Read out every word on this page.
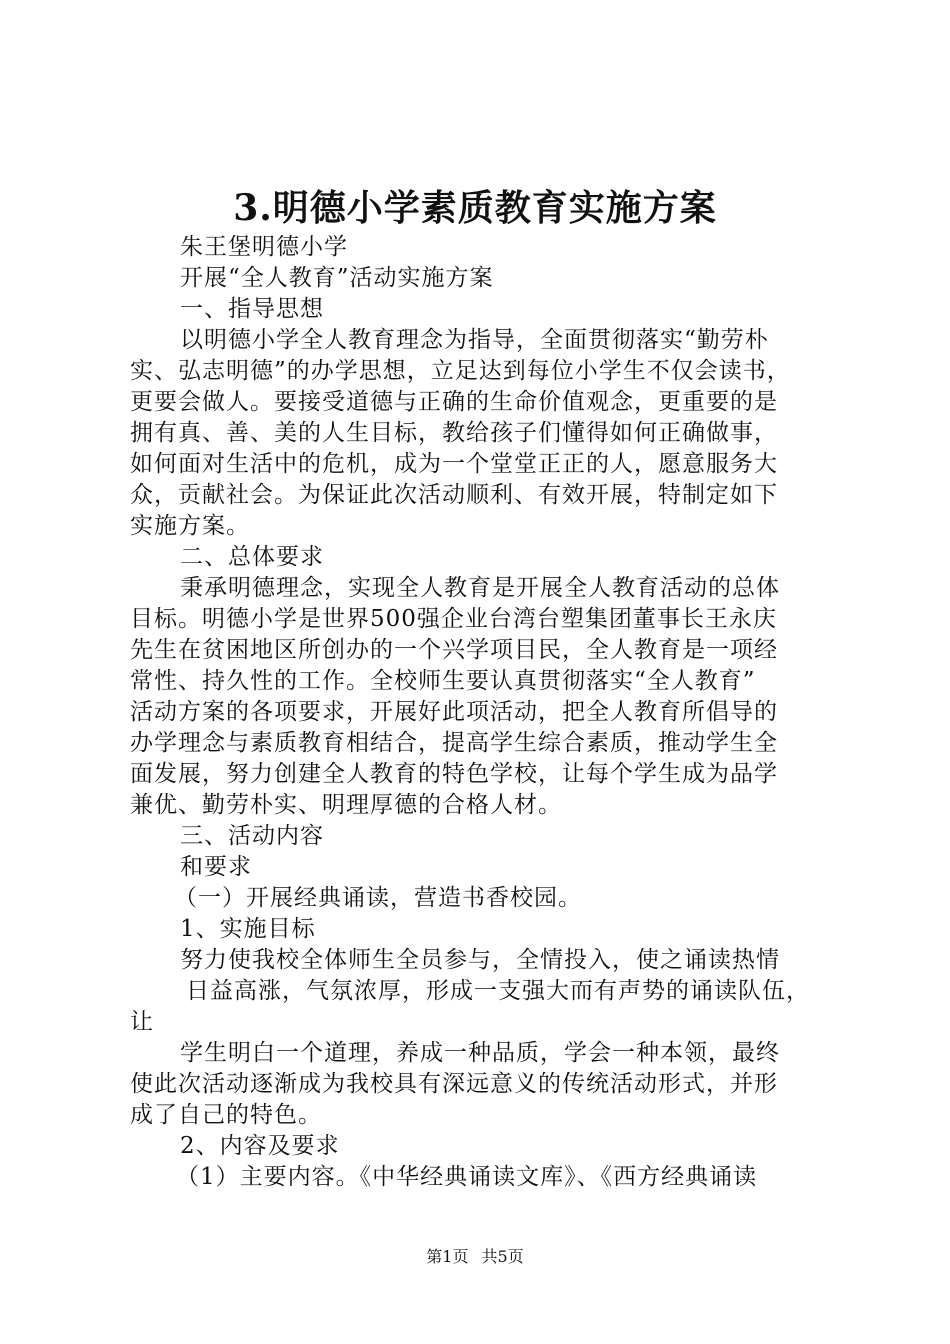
3.明德小学素质教育实施方案

朱王堡明德小学

开展“全人教育”活动实施方案

一、指导思想

以明德小学全人教育理念为指导，全面贯彻落实“勤劳朴

实、弘志明德”的办学思想，立足达到每位小学生不仅会读书，

更要会做人。要接受道德与正确的生命价值观念，更重要的是

拥有真、善、美的人生目标，教给孩子们懂得如何正确做事，

如何面对生活中的危机，成为一个堂堂正正的人，愿意服务大

众，贡献社会。为保证此次活动顺利、有效开展，特制定如下

实施方案。

二、总体要求

秉承明德理念，实现全人教育是开展全人教育活动的总体

目标。明德小学是世界500强企业台湾台塑集团董事长王永庆

先生在贫困地区所创办的一个兴学项目民，全人教育是一项经

常性、持久性的工作。全校师生要认真贯彻落实“全人教育”

活动方案的各项要求，开展好此项活动，把全人教育所倡导的

办学理念与素质教育相结合，提高学生综合素质，推动学生全

面发展，努力创建全人教育的特色学校，让每个学生成为品学

兼优、勤劳朴实、明理厚德的合格人材。

三、活动内容

和要求

（一）开展经典诵读，营造书香校园。

1、实施目标

努力使我校全体师生全员参与，全情投入，使之诵读热情

日益高涨，气氛浓厚，形成一支强大而有声势的诵读队伍，

让

学生明白一个道理，养成一种品质，学会一种本领，最终

使此次活动逐渐成为我校具有深远意义的传统活动形式，并形

成了自己的特色。

2、内容及要求

（1）主要内容。《中华经典诵读文库》、《西方经典诵读

第1页 共5页
